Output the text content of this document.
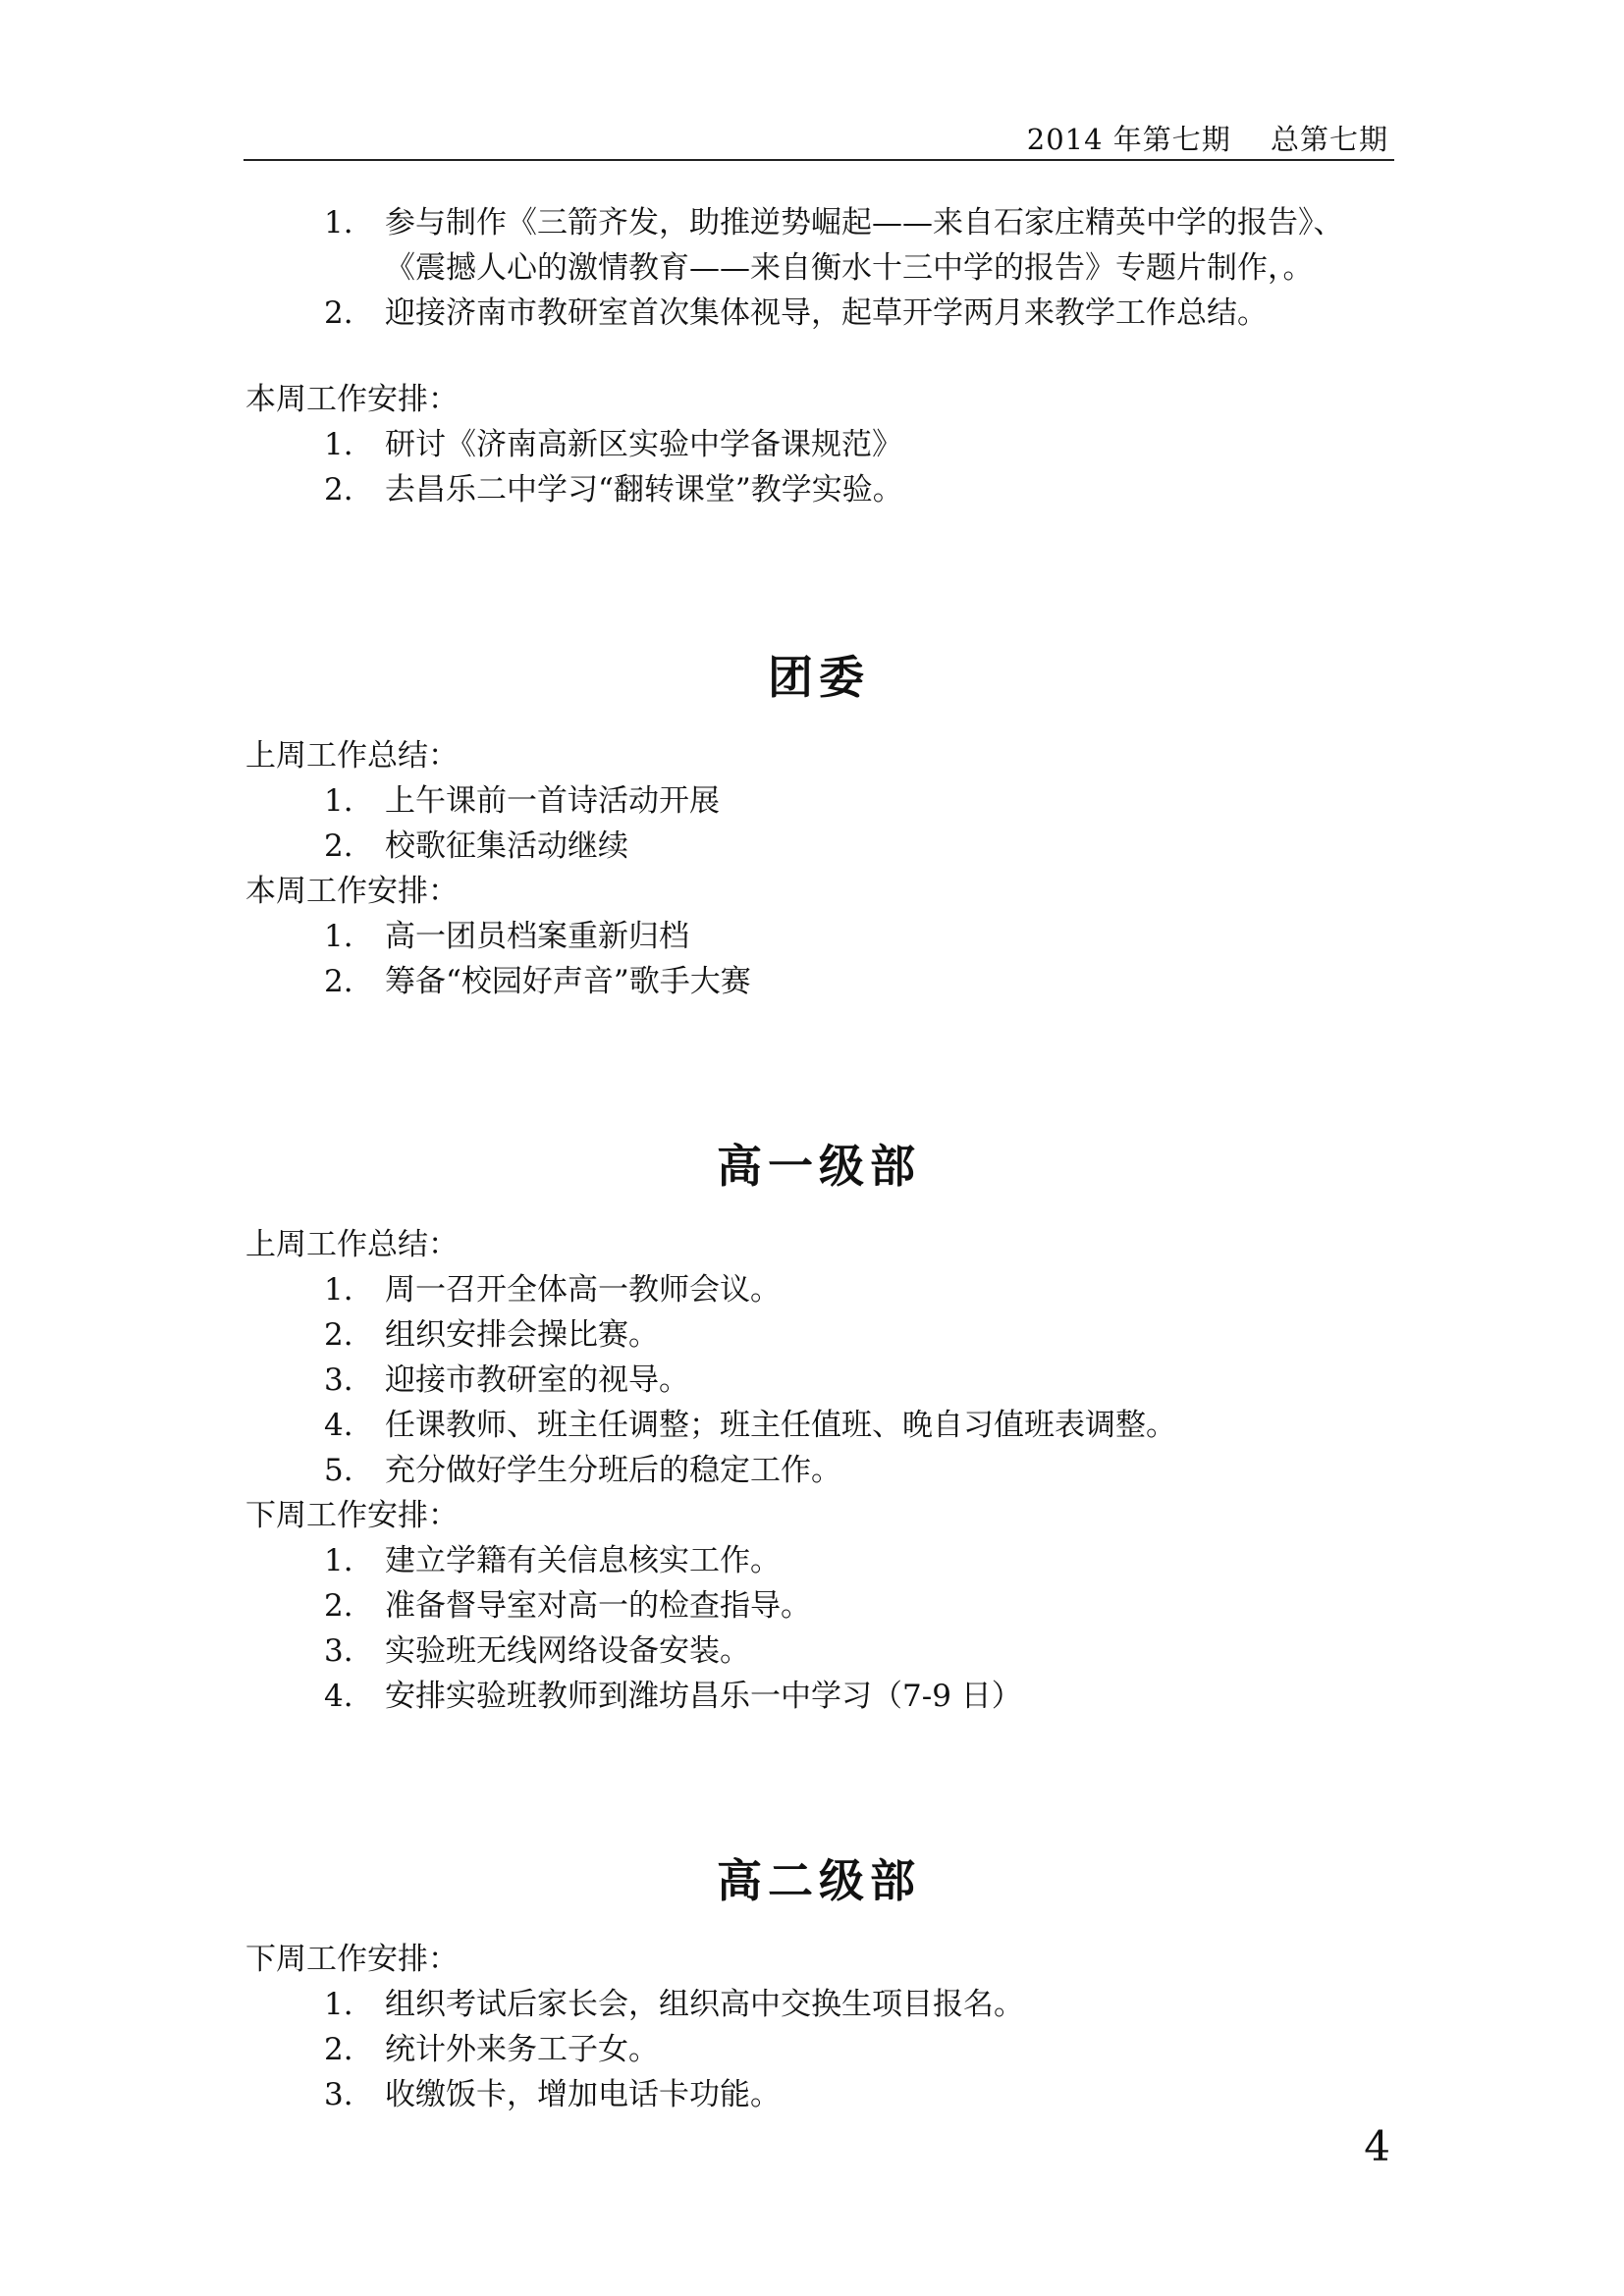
2014 年第七期　 总第七期
1. 参与制作《三箭齐发，助推逆势崛起——来自石家庄精英中学的报告》、
《震撼人心的激情教育——来自衡水十三中学的报告》专题片制作，。
2. 迎接济南市教研室首次集体视导，起草开学两月来教学工作总结。
本周工作安排：
1. 研讨《济南高新区实验中学备课规范》
2. 去昌乐二中学习“翻转课堂”教学实验。
团委
上周工作总结：
1. 上午课前一首诗活动开展
2. 校歌征集活动继续
本周工作安排：
1. 高一团员档案重新归档
2. 筹备“校园好声音”歌手大赛
高一级部
上周工作总结：
1. 周一召开全体高一教师会议。
2. 组织安排会操比赛。
3. 迎接市教研室的视导。
4. 任课教师、班主任调整；班主任值班、晚自习值班表调整。
5. 充分做好学生分班后的稳定工作。
下周工作安排：
1. 建立学籍有关信息核实工作。
2. 准备督导室对高一的检查指导。
3. 实验班无线网络设备安装。
4. 安排实验班教师到潍坊昌乐一中学习（7-9 日）
高二级部
下周工作安排：
1. 组织考试后家长会，组织高中交换生项目报名。
2. 统计外来务工子女。
3. 收缴饭卡，增加电话卡功能。
4
